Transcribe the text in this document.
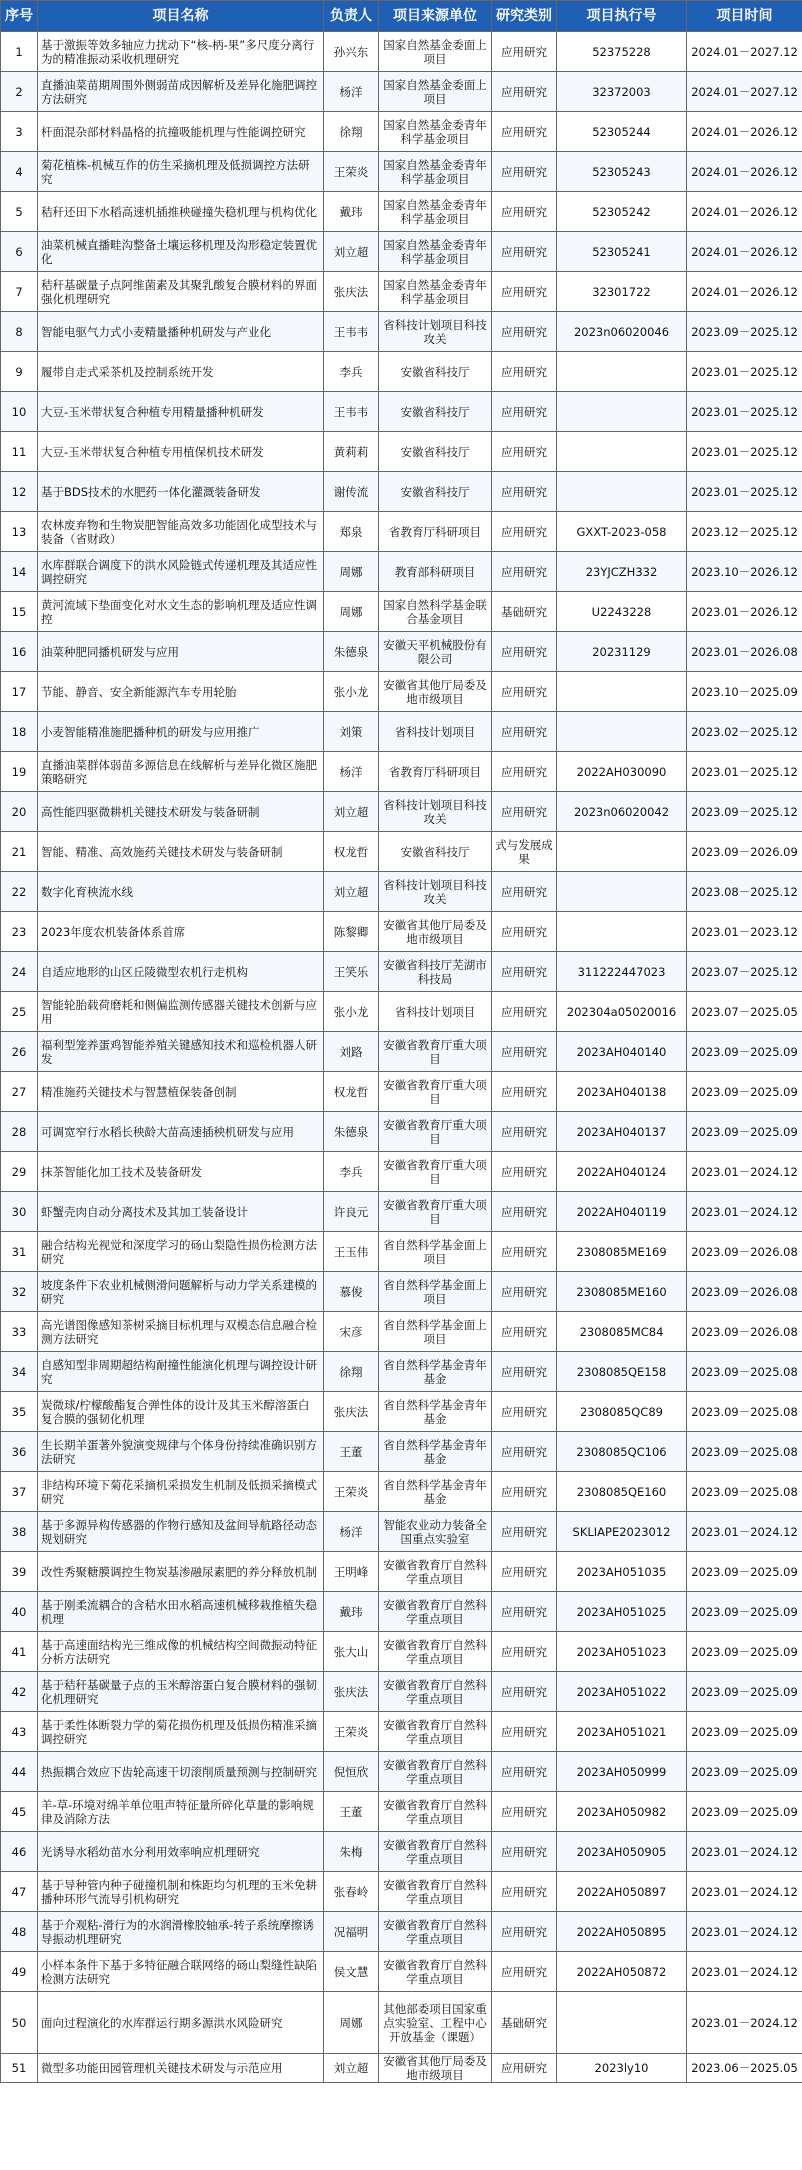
序号	项目名称	负责人	项目来源单位	研究类别	项目执行号	项目时间
1	基于激振等效多轴应力扰动下“核-柄-果”多尺度分离行为的精准振动采收机理研究	孙兴东	国家自然基金委面上项目	应用研究	52375228	2024.01－2027.12
2	直播油菜苗期周围外侧弱苗成因解析及差异化施肥调控方法研究	杨洋	国家自然基金委面上项目	应用研究	32372003	2024.01－2027.12
3	杆面混杂部材料晶格的抗撞吸能机理与性能调控研究	徐翔	国家自然基金委青年科学基金项目	应用研究	52305244	2024.01－2026.12
4	菊花植株-机械互作的仿生采摘机理及低损调控方法研究	王荣炎	国家自然基金委青年科学基金项目	应用研究	52305243	2024.01－2026.12
5	秸秆还田下水稻高速机插推秧碰撞失稳机理与机构优化	戴玮	国家自然基金委青年科学基金项目	应用研究	52305242	2024.01－2026.12
6	油菜机械直播畦沟整备土壤运移机理及沟形稳定装置优化	刘立超	国家自然基金委青年科学基金项目	应用研究	52305241	2024.01－2026.12
7	秸秆基碳量子点阿维菌素及其聚乳酸复合膜材料的界面强化机理研究	张庆法	国家自然基金委青年科学基金项目	应用研究	32301722	2024.01－2026.12
8	智能电驱气力式小麦精量播种机研发与产业化	王韦韦	省科技计划项目科技攻关	应用研究	2023n06020046	2023.09－2025.12
9	履带自走式采茶机及控制系统开发	李兵	安徽省科技厅	应用研究		2023.01－2025.12
10	大豆-玉米带状复合种植专用精量播种机研发	王韦韦	安徽省科技厅	应用研究		2023.01－2025.12
11	大豆-玉米带状复合种植专用植保机技术研发	黄莉莉	安徽省科技厅	应用研究		2023.01－2025.12
12	基于BDS技术的水肥药一体化灌溉装备研发	谢传流	安徽省科技厅	应用研究		2023.01－2025.12
13	农林废弃物和生物炭肥智能高效多功能固化成型技术与装备（省财政）	郑泉	省教育厅科研项目	应用研究	GXXT-2023-058	2023.12－2025.12
14	水库群联合调度下的洪水风险链式传递机理及其适应性调控研究	周娜	教育部科研项目	应用研究	23YJCZH332	2023.10－2026.12
15	黄河流域下垫面变化对水文生态的影响机理及适应性调控	周娜	国家自然科学基金联合基金项目	基础研究	U2243228	2023.01－2026.12
16	油菜种肥同播机研发与应用	朱德泉	安徽天平机械股份有限公司	应用研究	20231129	2023.01－2026.08
17	节能、静音、安全新能源汽车专用轮胎	张小龙	安徽省其他厅局委及地市级项目	应用研究		2023.10－2025.09
18	小麦智能精准施肥播种机的研发与应用推广	刘策	省科技计划项目	应用研究		2023.02－2025.12
19	直播油菜群体弱苗多源信息在线解析与差异化微区施肥策略研究	杨洋	省教育厅科研项目	应用研究	2022AH030090	2023.01－2025.12
20	高性能四驱微耕机关键技术研发与装备研制	刘立超	省科技计划项目科技攻关	应用研究	2023n06020042	2023.09－2025.12
21	智能、精准、高效施药关键技术研发与装备研制	权龙哲	安徽省科技厅	式与发展成果		2023.09－2026.09
22	数字化育秧流水线	刘立超	省科技计划项目科技攻关	应用研究		2023.08－2025.12
23	2023年度农机装备体系首席	陈黎卿	安徽省其他厅局委及地市级项目	应用研究		2023.01－2023.12
24	自适应地形的山区丘陵微型农机行走机构	王笑乐	安徽省科技厅芜湖市科技局	应用研究	311222447023	2023.07－2025.12
25	智能轮胎载荷磨耗和侧偏监测传感器关键技术创新与应用	张小龙	省科技计划项目	应用研究	202304a05020016	2023.07－2025.05
26	福利型笼养蛋鸡智能养殖关键感知技术和巡检机器人研发	刘路	安徽省教育厅重大项目	应用研究	2023AH040140	2023.09－2025.09
27	精准施药关键技术与智慧植保装备创制	权龙哲	安徽省教育厅重大项目	应用研究	2023AH040138	2023.09－2025.09
28	可调宽窄行水稻长秧龄大苗高速插秧机研发与应用	朱德泉	安徽省教育厅重大项目	应用研究	2023AH040137	2023.09－2025.09
29	抹茶智能化加工技术及装备研发	李兵	安徽省教育厅重大项目	应用研究	2022AH040124	2023.01－2024.12
30	虾蟹壳肉自动分离技术及其加工装备设计	许良元	安徽省教育厅重大项目	应用研究	2022AH040119	2023.01－2024.12
31	融合结构光视觉和深度学习的砀山梨隐性损伤检测方法研究	王玉伟	省自然科学基金面上项目	应用研究	2308085ME169	2023.09－2026.08
32	坡度条件下农业机械侧滑问题解析与动力学关系建模的研究	慕俊	省自然科学基金面上项目	应用研究	2308085ME160	2023.09－2026.08
33	高光谱图像感知茶树采摘目标机理与双模态信息融合检测方法研究	宋彦	省自然科学基金面上项目	应用研究	2308085MC84	2023.09－2026.08
34	自感知型非周期超结构耐撞性能演化机理与调控设计研究	徐翔	省自然科学基金青年基金	应用研究	2308085QE158	2023.09－2025.08
35	炭微球/柠檬酸酯复合弹性体的设计及其玉米醇溶蛋白复合膜的强韧化机理	张庆法	省自然科学基金青年基金	应用研究	2308085QC89	2023.09－2025.08
36	生长期羊蛋著外貌演变规律与个体身份持续准确识别方法研究	王董	省自然科学基金青年基金	应用研究	2308085QC106	2023.09－2025.08
37	非结构环境下菊花采摘机采损发生机制及低损采摘模式研究	王荣炎	省自然科学基金青年基金	应用研究	2308085QE160	2023.09－2025.08
38	基于多源异构传感器的作物行感知及盆间导航路径动态规划研究	杨洋	智能农业动力装备全国重点实验室	应用研究	SKLIAPE2023012	2023.01－2024.12
39	改性秀聚糖膜调控生物炭基渗融尿素肥的养分释放机制	王明峰	安徽省教育厅自然科学重点项目	应用研究	2023AH051035	2023.09－2025.09
40	基于刚柔流耦合的含秸水田水稻高速机械移栽推植失稳机理	戴玮	安徽省教育厅自然科学重点项目	应用研究	2023AH051025	2023.09－2025.09
41	基于高速面结构光三维成像的机械结构空间微振动特征分析方法研究	张大山	安徽省教育厅自然科学重点项目	应用研究	2023AH051023	2023.09－2025.09
42	基于秸秆基碳量子点的玉米醇溶蛋白复合膜材料的强韧化机理研究	张庆法	安徽省教育厅自然科学重点项目	应用研究	2023AH051022	2023.09－2025.09
43	基于柔性体断裂力学的菊花损伤机理及低损伤精准采摘调控研究	王荣炎	安徽省教育厅自然科学重点项目	应用研究	2023AH051021	2023.09－2025.09
44	热振耦合效应下齿轮高速干切滚削质量预测与控制研究	倪恒欣	安徽省教育厅自然科学重点项目	应用研究	2023AH050999	2023.09－2025.09
45	羊-草-环境对绵羊单位咀声特征量所碎化草量的影响规律及消除方法	王董	安徽省教育厅自然科学重点项目	应用研究	2023AH050982	2023.09－2025.09
46	光诱导水稻幼苗水分利用效率响应机理研究	朱梅	安徽省教育厅自然科学重点项目	应用研究	2023AH050905	2023.01－2024.12
47	基于导种管内种子碰撞机制和株距均匀机理的玉米免耕播种环形气流导引机构研究	张春岭	安徽省教育厅自然科学重点项目	应用研究	2022AH050897	2023.01－2024.12
48	基于介观粘-滑行为的水润滑橡胶轴承-转子系统摩擦诱导振动机理研究	况福明	安徽省教育厅自然科学重点项目	应用研究	2022AH050895	2023.01－2024.12
49	小样本条件下基于多特征融合联网络的砀山梨缝性缺陷检测方法研究	侯文慧	安徽省教育厅自然科学重点项目	应用研究	2022AH050872	2023.01－2024.12
50	面向过程演化的水库群运行期多源洪水风险研究	周娜	其他部委项目国家重点实验室、工程中心开放基金（课题）	基础研究		2023.01－2024.12
51	微型多功能田园管理机关键技术研发与示范应用	刘立超	安徽省其他厅局委及地市级项目	应用研究	2023ly10	2023.06－2025.05
